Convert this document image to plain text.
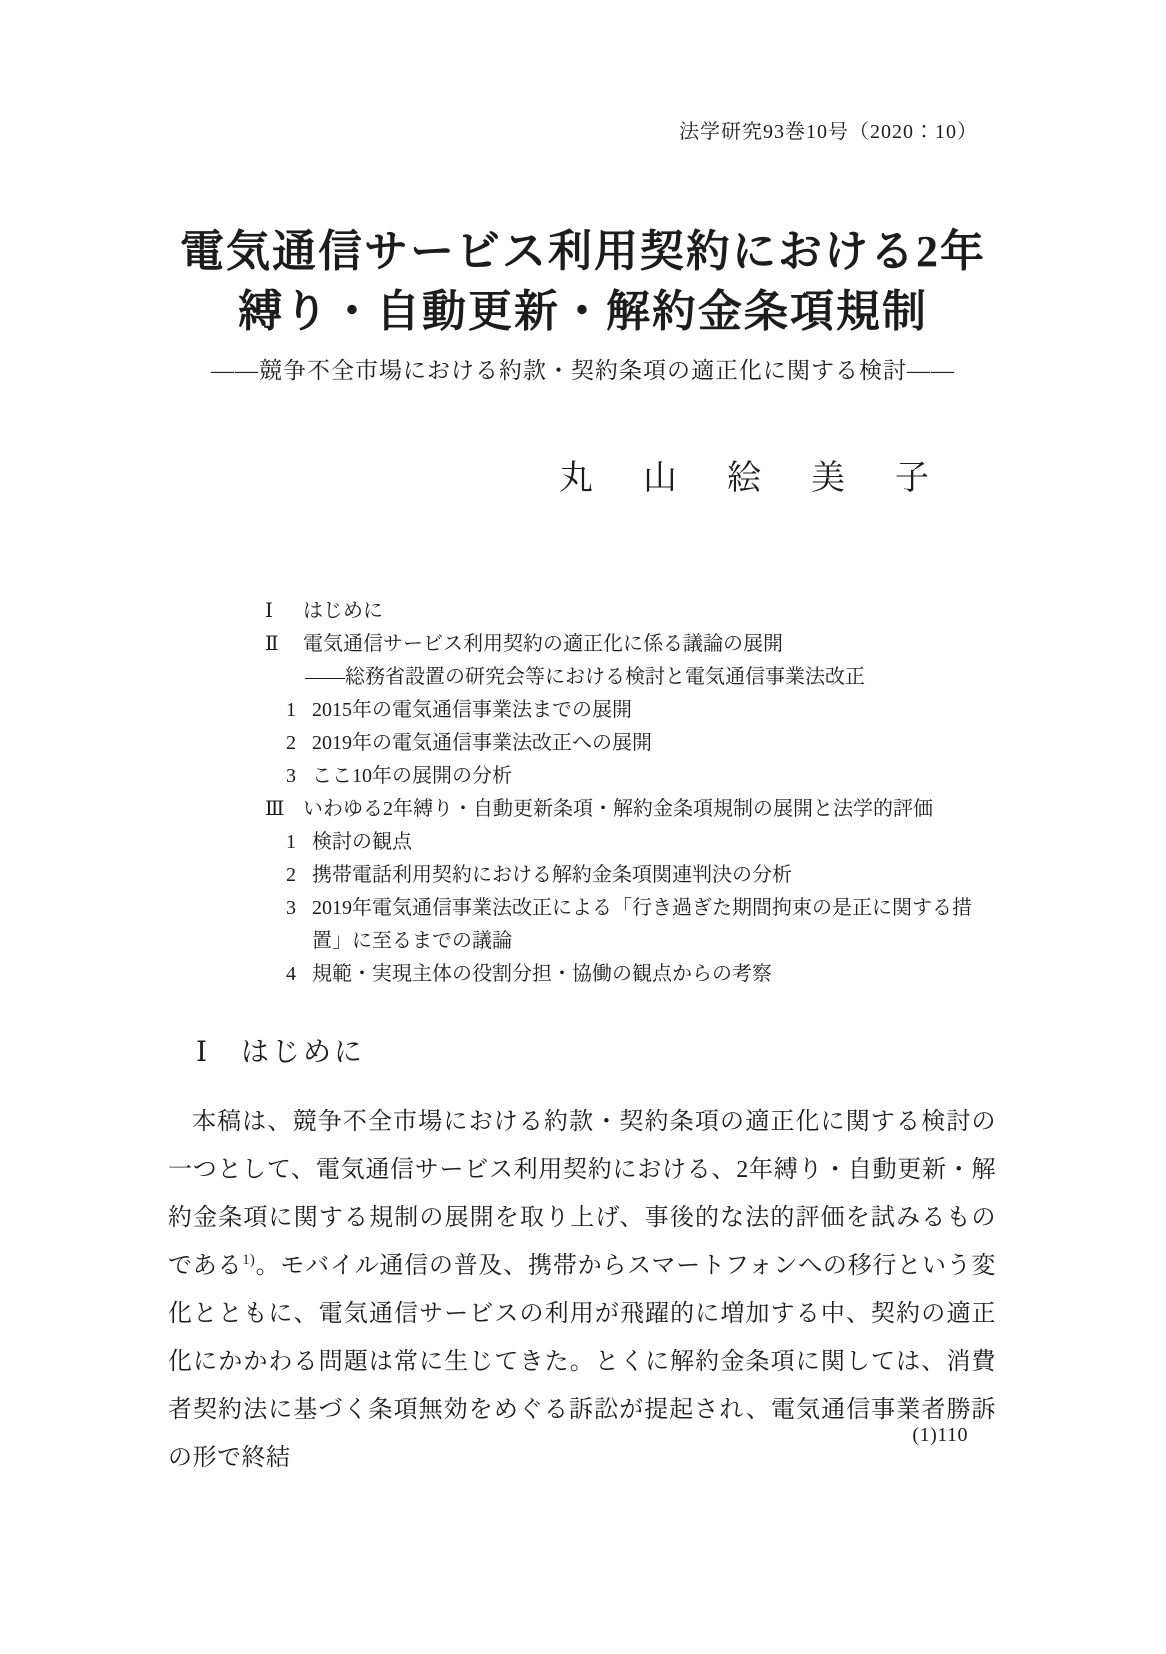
法学研究93巻10号（2020：10）
電気通信サービス利用契約における2年
縛り・自動更新・解約金条項規制
——競争不全市場における約款・契約条項の適正化に関する検討——
丸　山　絵　美　子
Ⅰ	はじめに
Ⅱ	電気通信サービス利用契約の適正化に係る議論の展開
——総務省設置の研究会等における検討と電気通信事業法改正
1 2015年の電気通信事業法までの展開
2 2019年の電気通信事業法改正への展開
3 ここ10年の展開の分析
Ⅲ いわゆる2年縛り・自動更新条項・解約金条項規制の展開と法学的評価
1 検討の観点
2 携帯電話利用契約における解約金条項関連判決の分析
3 2019年電気通信事業法改正による「行き過ぎた期間拘束の是正に関する措置」に至るまでの議論
4 規範・実現主体の役割分担・協働の観点からの考察
Ⅰ　はじめに

本稿は、競争不全市場における約款・契約条項の適正化に関する検討の一つとして、電気通信サービス利用契約における、2年縛り・自動更新・解約金条項に関する規制の展開を取り上げ、事後的な法的評価を試みるものである$^{1)}$。モバイル通信の普及、携帯からスマートフォンへの移行という変化とともに、電気通信サービスの利用が飛躍的に増加する中、契約の適正化にかかわる問題は常に生じてきた。とくに解約金条項に関しては、消費者契約法に基づく条項無効をめぐる訴訟が提起され、電気通信事業者勝訴の形で終結

(1)110
